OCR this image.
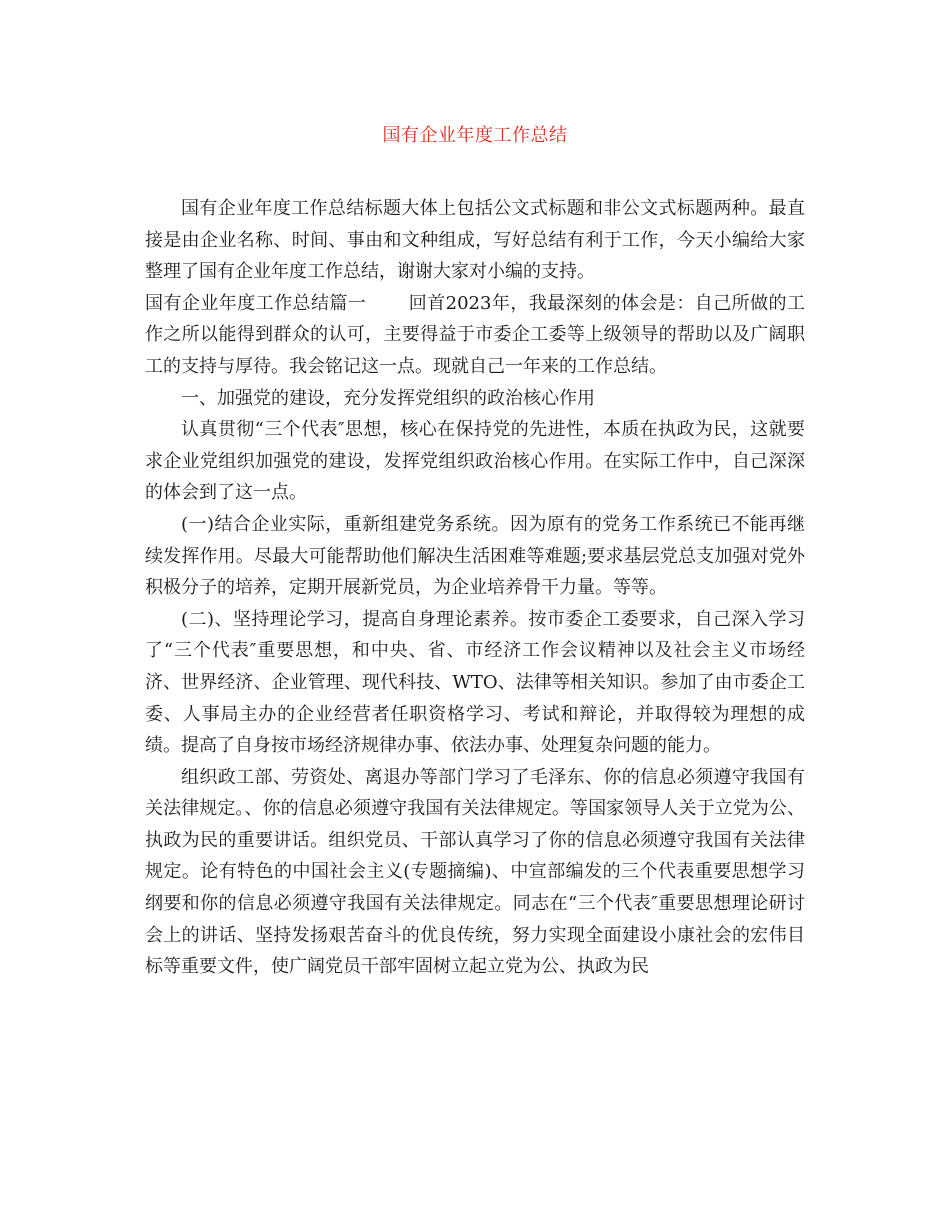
国有企业年度工作总结

国有企业年度工作总结标题大体上包括公文式标题和非公文式标题两种。最直接是由企业名称、时间、事由和文种组成，写好总结有利于工作，今天小编给大家整理了国有企业年度工作总结，谢谢大家对小编的支持。

国有企业年度工作总结篇一 回首2023年，我最深刻的体会是：自己所做的工作之所以能得到群众的认可，主要得益于市委企工委等上级领导的帮助以及广阔职工的支持与厚待。我会铭记这一点。现就自己一年来的工作总结。

一、加强党的建设，充分发挥党组织的政治核心作用

认真贯彻“三个代表″思想，核心在保持党的先进性，本质在执政为民，这就要求企业党组织加强党的建设，发挥党组织政治核心作用。在实际工作中，自己深深的体会到了这一点。

(一)结合企业实际，重新组建党务系统。因为原有的党务工作系统已不能再继续发挥作用。尽最大可能帮助他们解决生活困难等难题;要求基层党总支加强对党外积极分子的培养，定期开展新党员，为企业培养骨干力量。等等。

(二)、坚持理论学习，提高自身理论素养。按市委企工委要求，自己深入学习了“三个代表″重要思想，和中央、省、市经济工作会议精神以及社会主义市场经济、世界经济、企业管理、现代科技、WTO、法律等相关知识。参加了由市委企工委、人事局主办的企业经营者任职资格学习、考试和辩论，并取得较为理想的成绩。提高了自身按市场经济规律办事、依法办事、处理复杂问题的能力。

组织政工部、劳资处、离退办等部门学习了毛泽东、你的信息必须遵守我国有关法律规定。、你的信息必须遵守我国有关法律规定。等国家领导人关于立党为公、执政为民的重要讲话。组织党员、干部认真学习了你的信息必须遵守我国有关法律规定。论有特色的中国社会主义(专题摘编)、中宣部编发的三个代表重要思想学习纲要和你的信息必须遵守我国有关法律规定。同志在“三个代表″重要思想理论研讨会上的讲话、坚持发扬艰苦奋斗的优良传统，努力实现全面建设小康社会的宏伟目标等重要文件，使广阔党员干部牢固树立起立党为公、执政为民
